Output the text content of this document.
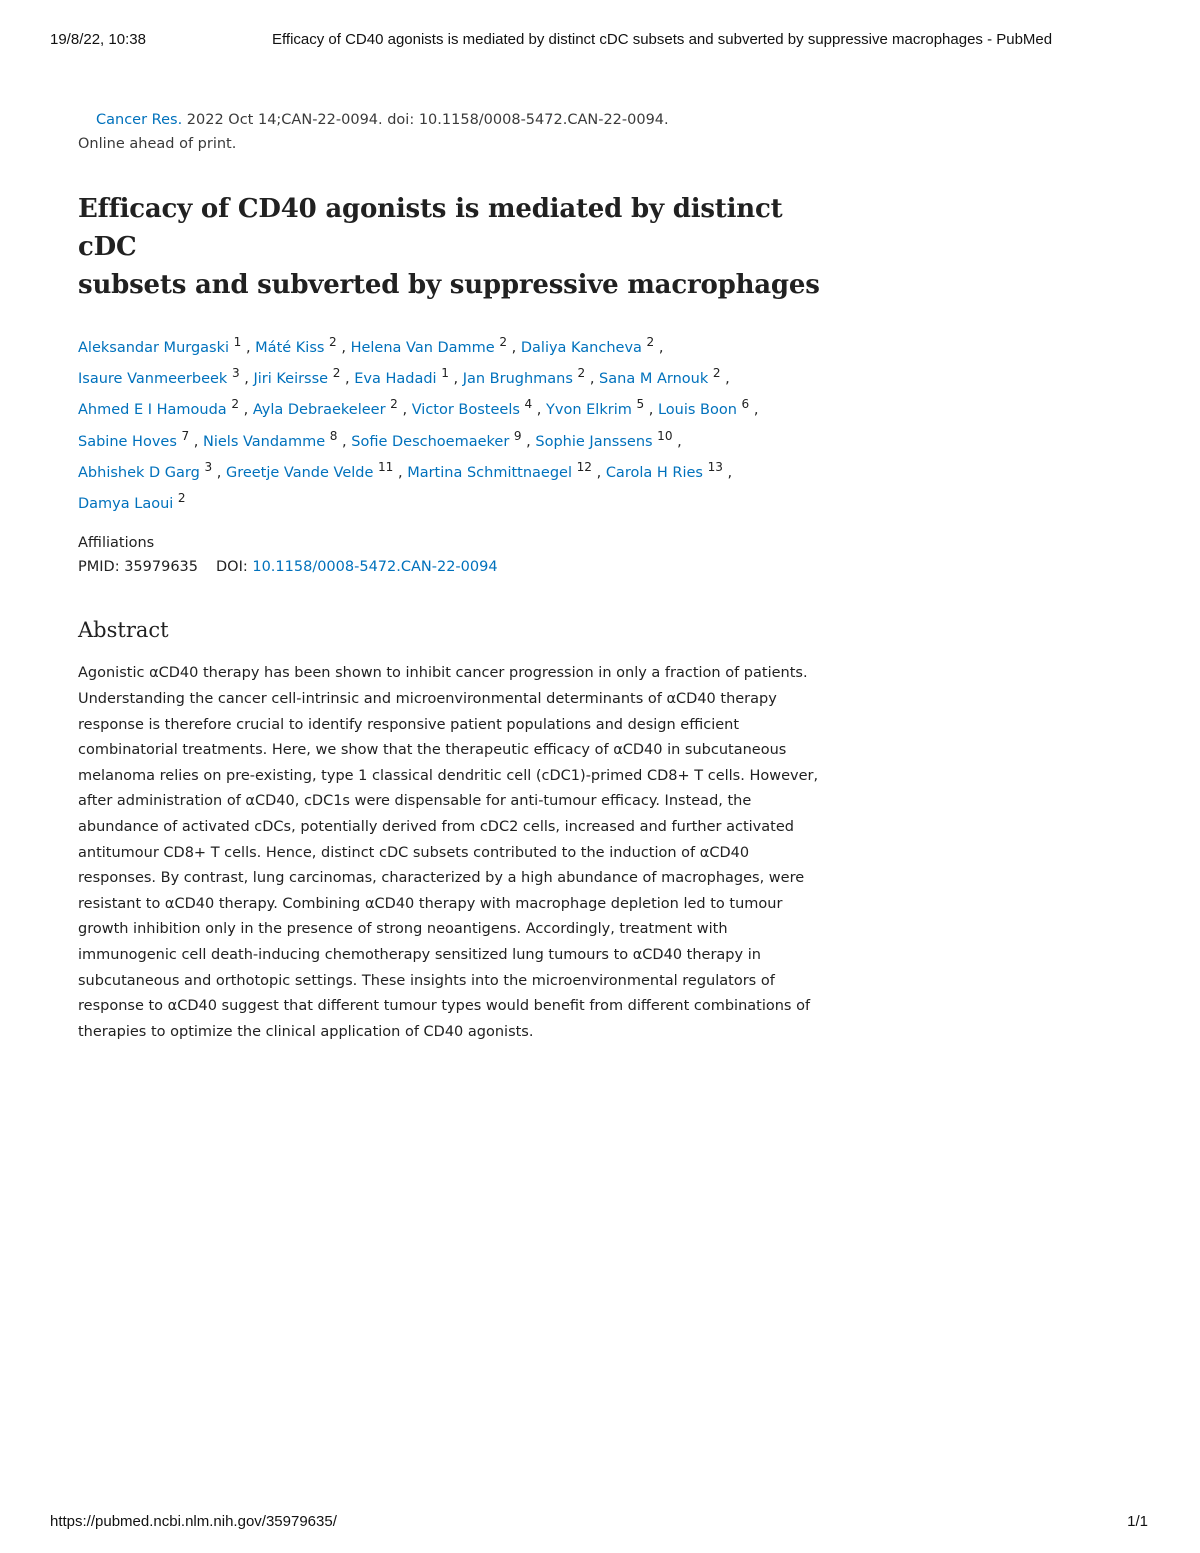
19/8/22, 10:38	Efficacy of CD40 agonists is mediated by distinct cDC subsets and subverted by suppressive macrophages - PubMed
Cancer Res. 2022 Oct 14;CAN-22-0094. doi: 10.1158/0008-5472.CAN-22-0094.
Online ahead of print.
Efficacy of CD40 agonists is mediated by distinct cDC
subsets and subverted by suppressive macrophages
Aleksandar Murgaski $^1$ , Máté Kiss $^2$ , Helena Van Damme $^2$ , Daliya Kancheva $^2$ ,
Isaure Vanmeerbeek $^3$ , Jiri Keirsse $^2$ , Eva Hadadi $^1$ , Jan Brughmans $^2$ , Sana M Arnouk $^2$ ,
Ahmed E I Hamouda $^2$ , Ayla Debraekeleer $^2$ , Victor Bosteels $^4$ , Yvon Elkrim $^5$ , Louis Boon $^6$ ,
Sabine Hoves $^7$ , Niels Vandamme $^8$ , Sofie Deschoemaeker $^9$ , Sophie Janssens $^{10}$ ,
Abhishek D Garg $^3$ , Greetje Vande Velde $^{11}$ , Martina Schmittnaegel $^{12}$ , Carola H Ries $^{13}$ ,
Damya Laoui $^2$
Affiliations
PMID: 35979635 DOI: 10.1158/0008-5472.CAN-22-0094
Abstract
Agonistic αCD40 therapy has been shown to inhibit cancer progression in only a fraction of patients.
Understanding the cancer cell-intrinsic and microenvironmental determinants of αCD40 therapy
response is therefore crucial to identify responsive patient populations and design efficient
combinatorial treatments. Here, we show that the therapeutic efficacy of αCD40 in subcutaneous
melanoma relies on pre-existing, type 1 classical dendritic cell (cDC1)-primed CD8+ T cells. However,
after administration of αCD40, cDC1s were dispensable for anti-tumour efficacy. Instead, the
abundance of activated cDCs, potentially derived from cDC2 cells, increased and further activated
antitumour CD8+ T cells. Hence, distinct cDC subsets contributed to the induction of αCD40
responses. By contrast, lung carcinomas, characterized by a high abundance of macrophages, were
resistant to αCD40 therapy. Combining αCD40 therapy with macrophage depletion led to tumour
growth inhibition only in the presence of strong neoantigens. Accordingly, treatment with
immunogenic cell death-inducing chemotherapy sensitized lung tumours to αCD40 therapy in
subcutaneous and orthotopic settings. These insights into the microenvironmental regulators of
response to αCD40 suggest that different tumour types would benefit from different combinations of
therapies to optimize the clinical application of CD40 agonists.
https://pubmed.ncbi.nlm.nih.gov/35979635/	1/1
